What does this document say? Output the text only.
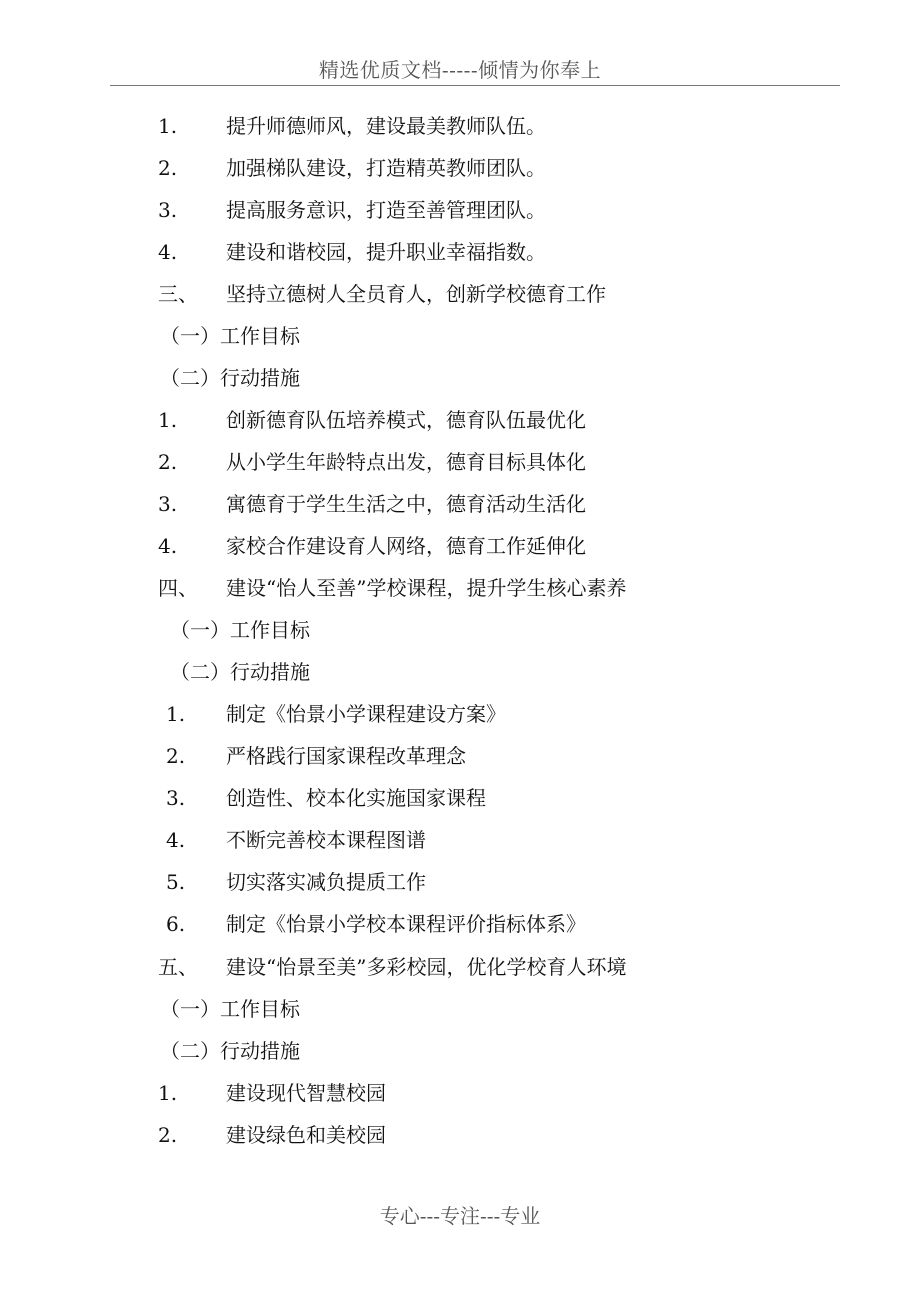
精选优质文档-----倾情为你奉上
1. 提升师德师风，建设最美教师队伍。
2. 加强梯队建设，打造精英教师团队。
3. 提高服务意识，打造至善管理团队。
4. 建设和谐校园，提升职业幸福指数。
三、 坚持立德树人全员育人，创新学校德育工作
（一）工作目标
（二）行动措施
1. 创新德育队伍培养模式，德育队伍最优化
2. 从小学生年龄特点出发，德育目标具体化
3. 寓德育于学生生活之中，德育活动生活化
4. 家校合作建设育人网络，德育工作延伸化
四、 建设“怡人至善”学校课程，提升学生核心素养
（一）工作目标
（二）行动措施
1. 制定《怡景小学课程建设方案》
2. 严格践行国家课程改革理念
3. 创造性、校本化实施国家课程
4. 不断完善校本课程图谱
5. 切实落实减负提质工作
6. 制定《怡景小学校本课程评价指标体系》
五、 建设“怡景至美”多彩校园，优化学校育人环境
（一）工作目标
（二）行动措施
1. 建设现代智慧校园
2. 建设绿色和美校园
专心---专注---专业
